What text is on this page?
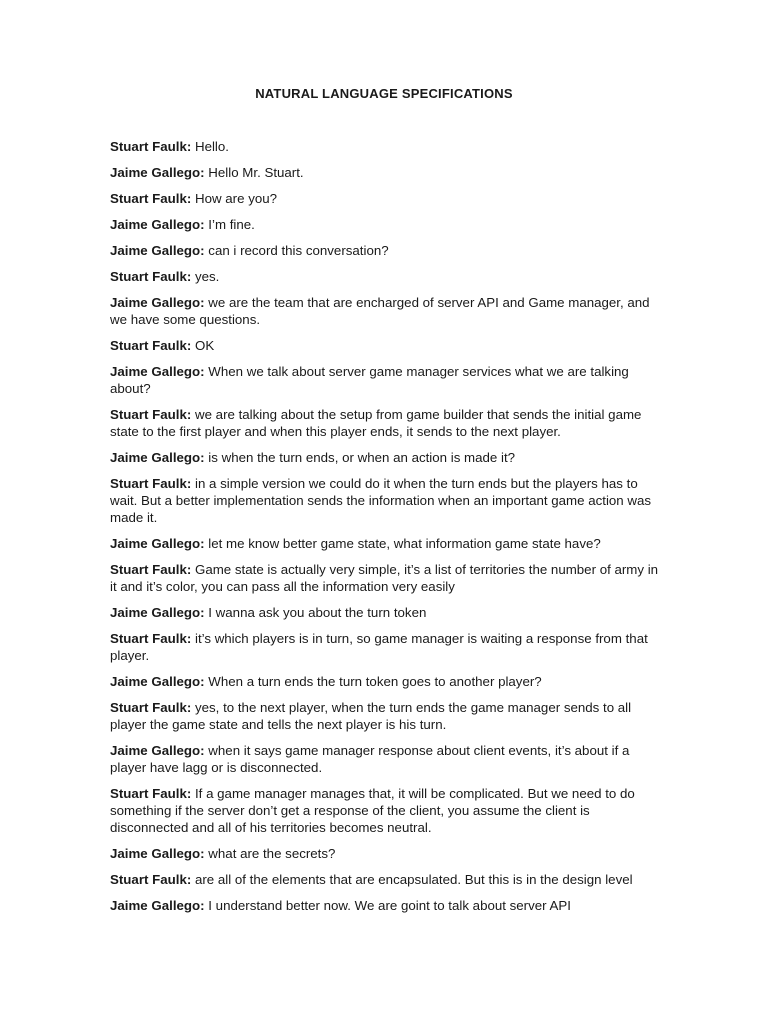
NATURAL LANGUAGE SPECIFICATIONS
Stuart Faulk: Hello.
Jaime Gallego: Hello Mr. Stuart.
Stuart Faulk: How are you?
Jaime Gallego: I’m fine.
Jaime Gallego: can i record this conversation?
Stuart Faulk: yes.
Jaime Gallego: we are the team that are encharged of server API and Game manager, and we have some questions.
Stuart Faulk: OK
Jaime Gallego: When we talk about server game manager services what we are talking about?
Stuart Faulk: we are talking about the setup from game builder that sends the initial game state to the first player and when this player ends, it sends to the next player.
Jaime Gallego: is when the turn ends, or when an action is made it?
Stuart Faulk: in a simple version we could do it when the turn ends but the players has to wait. But a better implementation sends the information when an important game action was made it.
Jaime Gallego: let me know better game state, what information game state have?
Stuart Faulk: Game state is actually very simple, it’s a list of territories the number of army in it and it’s color, you can pass all the information very easily
Jaime Gallego: I wanna ask you about the turn token
Stuart Faulk: it’s which players is in turn, so game manager is waiting a response from that player.
Jaime Gallego: When a turn ends the turn token goes to another player?
Stuart Faulk: yes, to the next player, when the turn ends the game manager sends to all player the game state and tells the next player is his turn.
Jaime Gallego: when it says game manager response about client events, it’s about if a player have lagg or is disconnected.
Stuart Faulk: If a game manager manages that, it will be complicated. But we need to do something if the server don’t get a response of the client, you assume the client is disconnected and all of his territories becomes neutral.
Jaime Gallego: what are the secrets?
Stuart Faulk: are all of the elements that are encapsulated. But this is in the design level
Jaime Gallego: I understand better now. We are goint to talk about server API
